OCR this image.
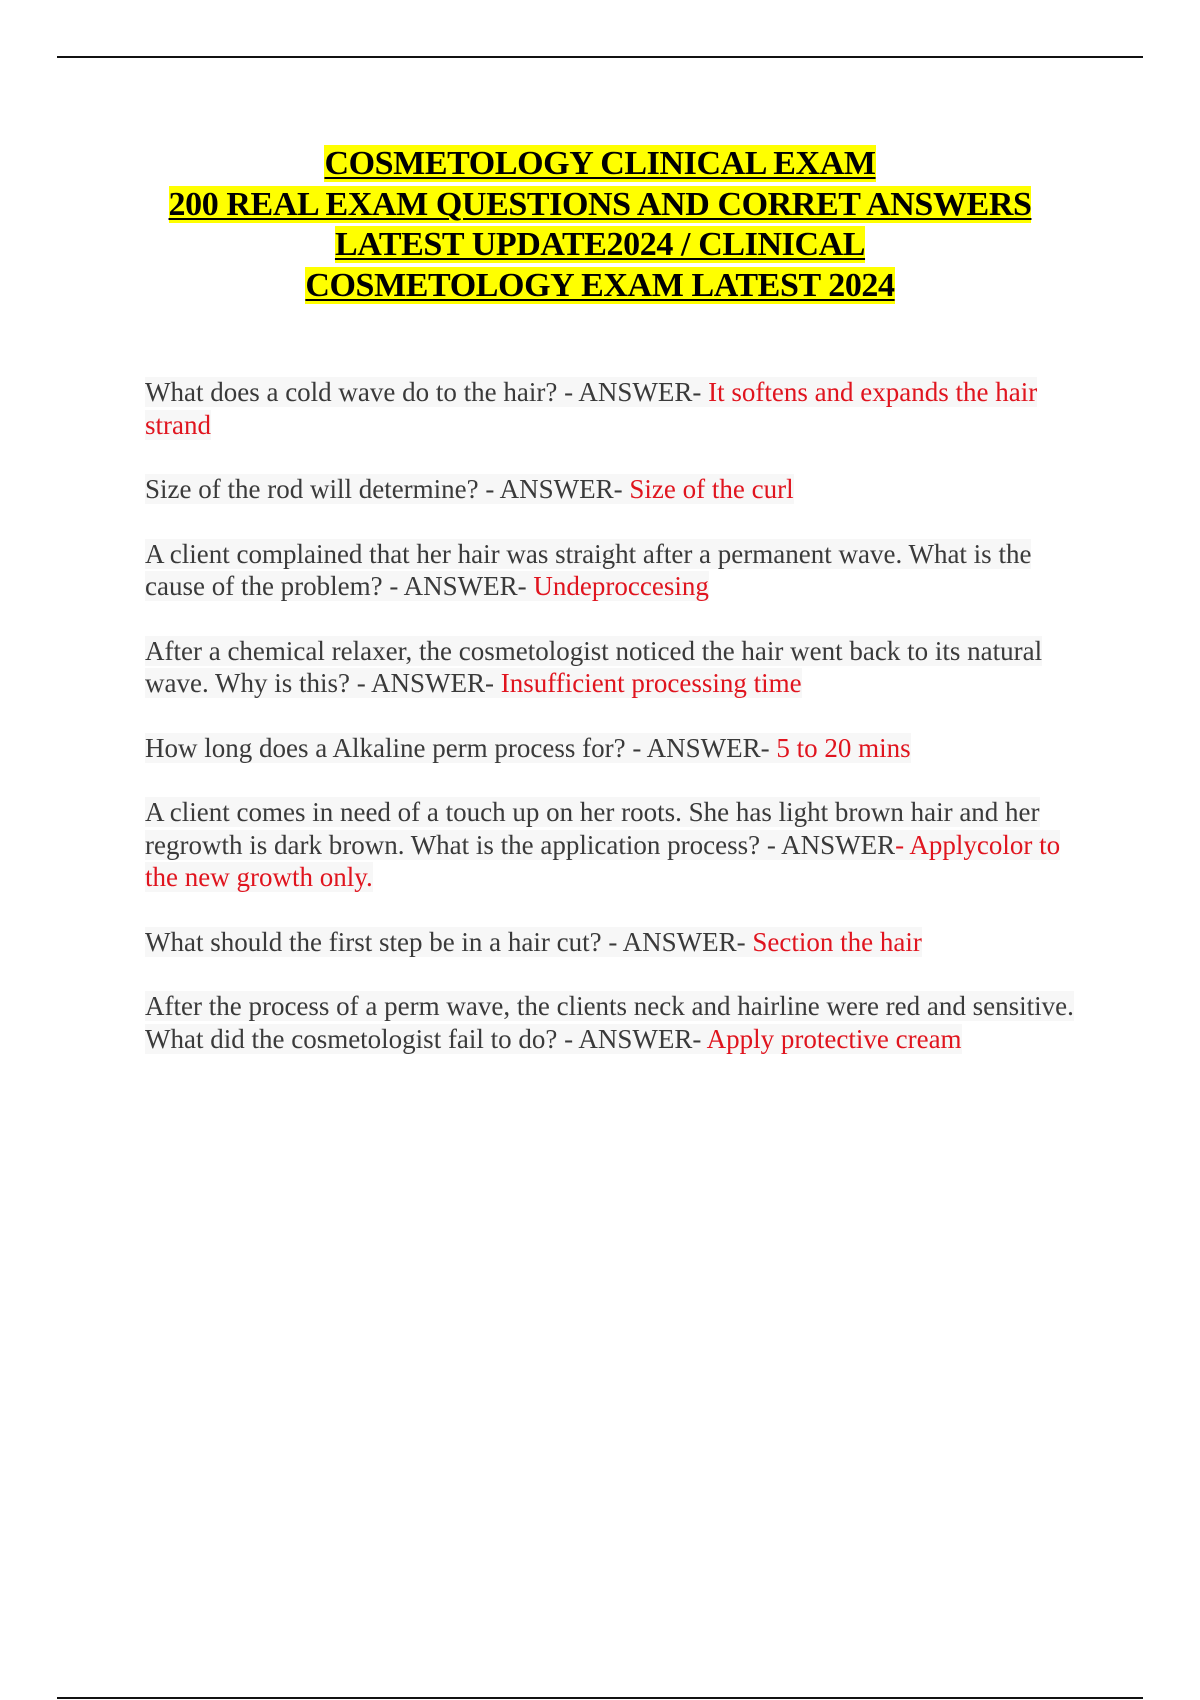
COSMETOLOGY CLINICAL EXAM
200 REAL EXAM QUESTIONS AND CORRET ANSWERS
LATEST UPDATE2024 / CLINICAL
COSMETOLOGY EXAM LATEST 2024

What does a cold wave do to the hair? - ANSWER- It softens and expands the hair strand

Size of the rod will determine? - ANSWER- Size of the curl

A client complained that her hair was straight after a permanent wave. What is the cause of the problem? - ANSWER- Undeproccesing

After a chemical relaxer, the cosmetologist noticed the hair went back to its natural wave. Why is this? - ANSWER- Insufficient processing time

How long does a Alkaline perm process for? - ANSWER- 5 to 20 mins

A client comes in need of a touch up on her roots. She has light brown hair and her regrowth is dark brown. What is the application process? - ANSWER- Applycolor to the new growth only.

What should the first step be in a hair cut? - ANSWER- Section the hair

After the process of a perm wave, the clients neck and hairline were red and sensitive. What did the cosmetologist fail to do? - ANSWER- Apply protective cream
